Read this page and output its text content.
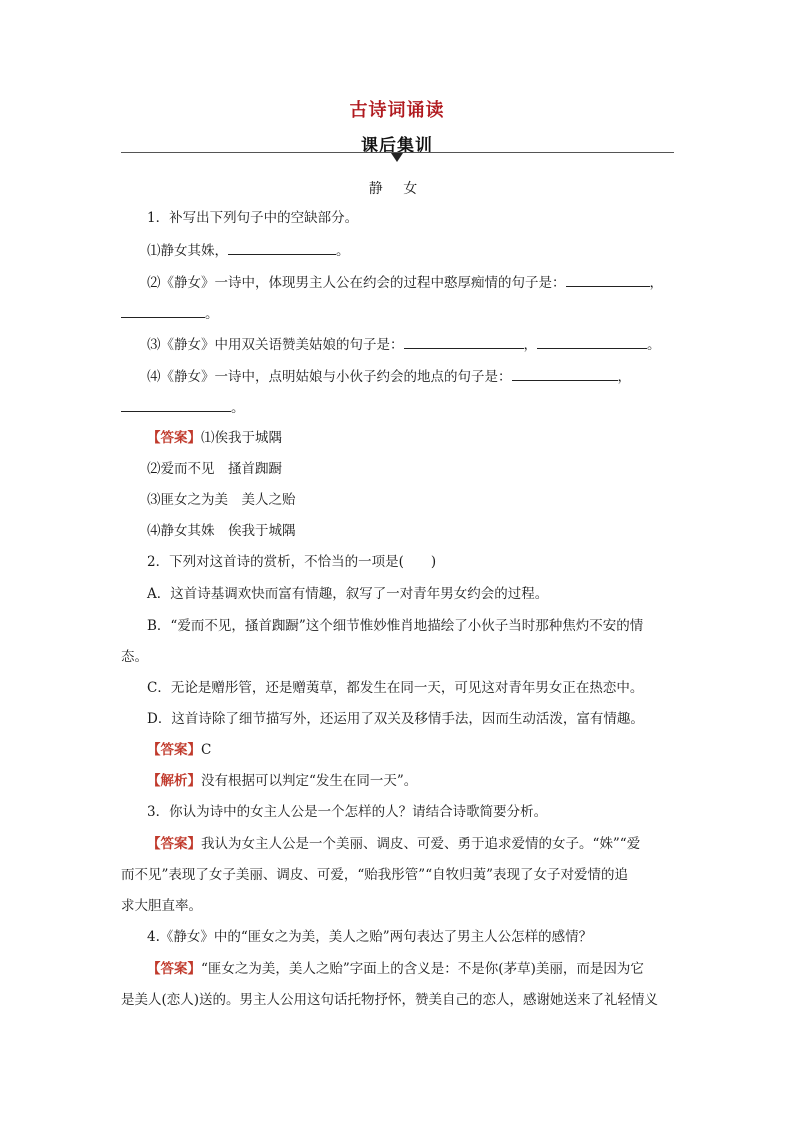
古诗词诵读
课后集训
静 女
1．补写出下列句子中的空缺部分。
⑴静女其姝，	。
⑵《静女》一诗中，体现男主人公在约会的过程中憨厚痴情的句子是：	，
。
⑶《静女》中用双关语赞美姑娘的句子是：	，	。
⑷《静女》一诗中，点明姑娘与小伙子约会的地点的句子是：	，
。
【答案】⑴俟我于城隅
⑵爱而不见　搔首踟蹰
⑶匪女之为美　美人之贻
⑷静女其姝　俟我于城隅
2．下列对这首诗的赏析，不恰当的一项是(　　)
A．这首诗基调欢快而富有情趣，叙写了一对青年男女约会的过程。
B．“爱而不见，搔首踟蹰”这个细节惟妙惟肖地描绘了小伙子当时那种焦灼不安的情
态。
C．无论是赠彤管，还是赠荑草，都发生在同一天，可见这对青年男女正在热恋中。
D．这首诗除了细节描写外，还运用了双关及移情手法，因而生动活泼，富有情趣。
【答案】C
【解析】没有根据可以判定“发生在同一天”。
3．你认为诗中的女主人公是一个怎样的人？请结合诗歌简要分析。
【答案】我认为女主人公是一个美丽、调皮、可爱、勇于追求爱情的女子。“姝”“爱
而不见”表现了女子美丽、调皮、可爱，“贻我彤管”“自牧归荑”表现了女子对爱情的追
求大胆直率。
4.《静女》中的“匪女之为美，美人之贻”两句表达了男主人公怎样的感情？
【答案】“匪女之为美，美人之贻”字面上的含义是：不是你(茅草)美丽，而是因为它
是美人(恋人)送的。男主人公用这句话托物抒怀，赞美自己的恋人，感谢她送来了礼轻情义
